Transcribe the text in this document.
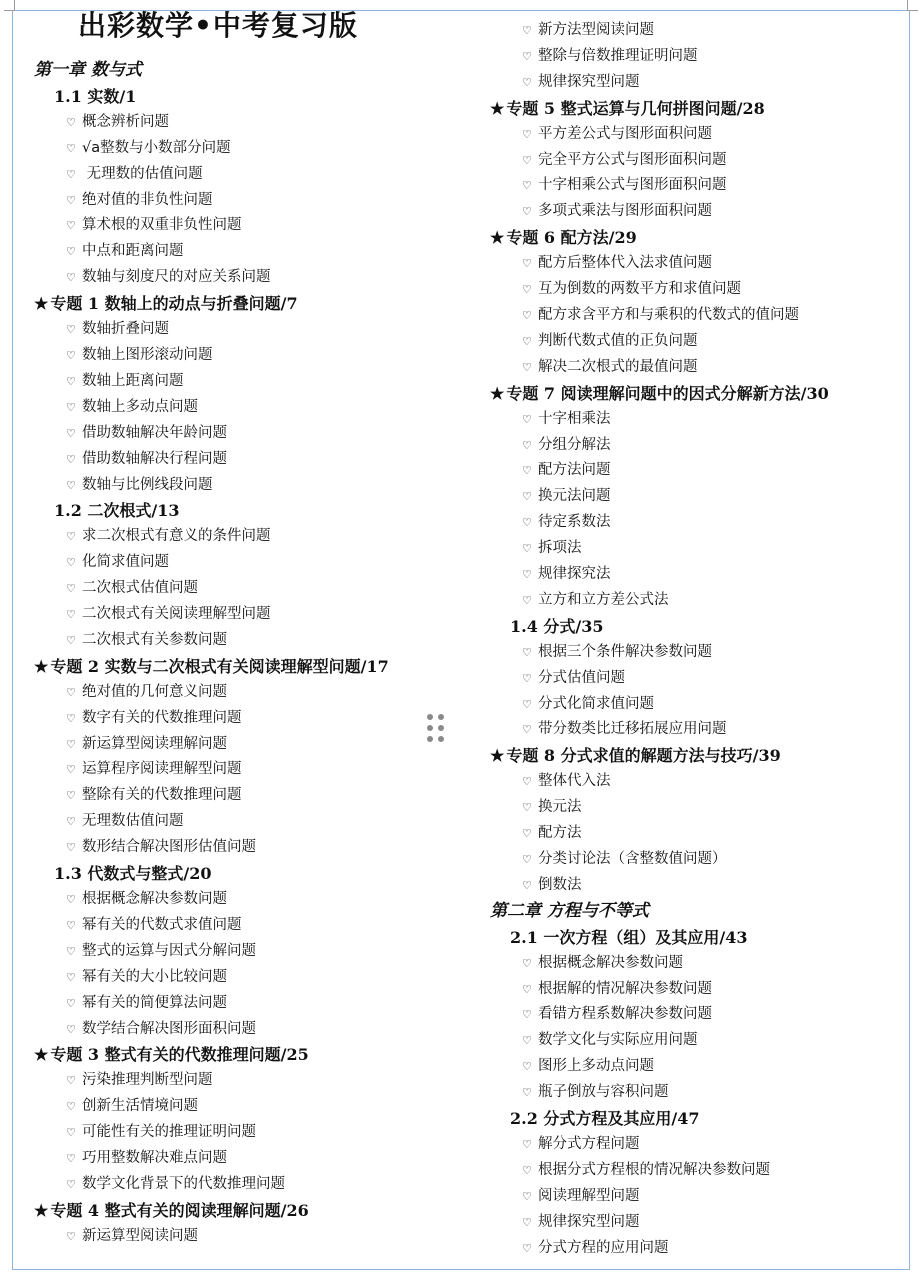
出彩数学•中考复习版
第一章 数与式
1.1 实数/1
♡ 概念辨析问题
♡ √a整数与小数部分问题
♡ 无理数的估值问题
♡ 绝对值的非负性问题
♡ 算术根的双重非负性问题
♡ 中点和距离问题
♡ 数轴与刻度尺的对应关系问题
★ 专题 1 数轴上的动点与折叠问题/7
♡ 数轴折叠问题
♡ 数轴上图形滚动问题
♡ 数轴上距离问题
♡ 数轴上多动点问题
♡ 借助数轴解决年龄问题
♡ 借助数轴解决行程问题
♡ 数轴与比例线段问题
1.2 二次根式/13
♡ 求二次根式有意义的条件问题
♡ 化简求值问题
♡ 二次根式估值问题
♡ 二次根式有关阅读理解型问题
♡ 二次根式有关参数问题
★ 专题 2 实数与二次根式有关阅读理解型问题/17
♡ 绝对值的几何意义问题
♡ 数字有关的代数推理问题
♡ 新运算型阅读理解问题
♡ 运算程序阅读理解型问题
♡ 整除有关的代数推理问题
♡ 无理数估值问题
♡ 数形结合解决图形估值问题
1.3 代数式与整式/20
♡ 根据概念解决参数问题
♡ 幂有关的代数式求值问题
♡ 整式的运算与因式分解问题
♡ 幂有关的大小比较问题
♡ 幂有关的简便算法问题
♡ 数学结合解决图形面积问题
★ 专题 3 整式有关的代数推理问题/25
♡ 污染推理判断型问题
♡ 创新生活情境问题
♡ 可能性有关的推理证明问题
♡ 巧用整数解决难点问题
♡ 数学文化背景下的代数推理问题
★ 专题 4 整式有关的阅读理解问题/26
♡ 新运算型阅读问题
♡ 新方法型阅读问题
♡ 整除与倍数推理证明问题
♡ 规律探究型问题
★ 专题 5 整式运算与几何拼图问题/28
♡ 平方差公式与图形面积问题
♡ 完全平方公式与图形面积问题
♡ 十字相乘公式与图形面积问题
♡ 多项式乘法与图形面积问题
★ 专题 6 配方法/29
♡ 配方后整体代入法求值问题
♡ 互为倒数的两数平方和求值问题
♡ 配方求含平方和与乘积的代数式的值问题
♡ 判断代数式值的正负问题
♡ 解决二次根式的最值问题
★ 专题 7 阅读理解问题中的因式分解新方法/30
♡ 十字相乘法
♡ 分组分解法
♡ 配方法问题
♡ 换元法问题
♡ 待定系数法
♡ 拆项法
♡ 规律探究法
♡ 立方和立方差公式法
1.4 分式/35
♡ 根据三个条件解决参数问题
♡ 分式估值问题
♡ 分式化简求值问题
♡ 带分数类比迁移拓展应用问题
★ 专题 8 分式求值的解题方法与技巧/39
♡ 整体代入法
♡ 换元法
♡ 配方法
♡ 分类讨论法（含整数值问题）
♡ 倒数法
第二章 方程与不等式
2.1 一次方程（组）及其应用/43
♡ 根据概念解决参数问题
♡ 根据解的情况解决参数问题
♡ 看错方程系数解决参数问题
♡ 数学文化与实际应用问题
♡ 图形上多动点问题
♡ 瓶子倒放与容积问题
2.2 分式方程及其应用/47
♡ 解分式方程问题
♡ 根据分式方程根的情况解决参数问题
♡ 阅读理解型问题
♡ 规律探究型问题
♡ 分式方程的应用问题
